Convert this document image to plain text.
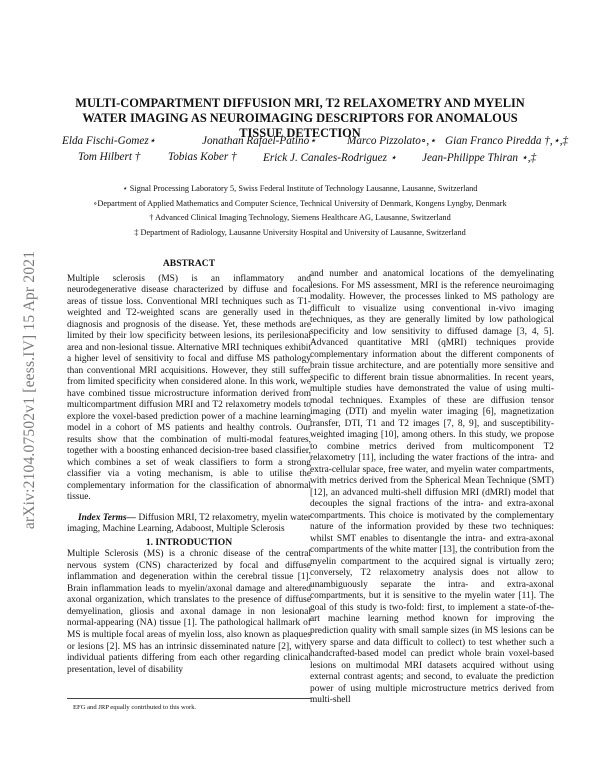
arXiv:2104.07502v1 [eess.IV] 15 Apr 2021
MULTI-COMPARTMENT DIFFUSION MRI, T2 RELAXOMETRY AND MYELIN WATER IMAGING AS NEUROIMAGING DESCRIPTORS FOR ANOMALOUS TISSUE DETECTION
Elda Fischi-Gomez⋆	Jonathan Rafael-Patino⋆	Marco Pizzolato∘,⋆ Gian Franco Piredda †,⋆,‡
Tom Hilbert † Tobias Kober † Erick J. Canales-Rodriguez ⋆ Jean-Philippe Thiran ⋆,‡
⋆ Signal Processing Laboratory 5, Swiss Federal Institute of Technology Lausanne, Lausanne, Switzerland
∘Department of Applied Mathematics and Computer Science, Technical University of Denmark, Kongens Lyngby, Denmark
† Advanced Clinical Imaging Technology, Siemens Healthcare AG, Lausanne, Switzerland
‡ Department of Radiology, Lausanne University Hospital and University of Lausanne, Switzerland
ABSTRACT

Multiple sclerosis (MS) is an inflammatory and neurodegenerative disease characterized by diffuse and focal areas of tissue loss. Conventional MRI techniques such as T1-weighted and T2-weighted scans are generally used in the diagnosis and prognosis of the disease. Yet, these methods are limited by their low specificity between lesions, its perilesional area and non-lesional tissue. Alternative MRI techniques exhibit a higher level of sensitivity to focal and diffuse MS pathology than conventional MRI acquisitions. However, they still suffer from limited specificity when considered alone. In this work, we have combined tissue microstructure information derived from multicompartment diffusion MRI and T2 relaxometry models to explore the voxel-based prediction power of a machine learning model in a cohort of MS patients and healthy controls. Our results show that the combination of multi-modal features, together with a boosting enhanced decision-tree based classifier, which combines a set of weak classifiers to form a strong classifier via a voting mechanism, is able to utilise the complementary information for the classification of abnormal tissue.

Index Terms— Diffusion MRI, T2 relaxometry, myelin water imaging, Machine Learning, Adaboost, Multiple Sclerosis

1. INTRODUCTION

Multiple Sclerosis (MS) is a chronic disease of the central nervous system (CNS) characterized by focal and diffuse inflammation and degeneration within the cerebral tissue [1]. Brain inflammation leads to myelin/axonal damage and altered axonal organization, which translates to the presence of diffuse demyelination, gliosis and axonal damage in non lesional normal-appearing (NA) tissue [1]. The pathological hallmark of MS is multiple focal areas of myelin loss, also known as plaques or lesions [2]. MS has an intrinsic disseminated nature [2], with individual patients differing from each other regarding clinical presentation, level of disability

and number and anatomical locations of the demyelinating lesions. For MS assessment, MRI is the reference neuroimaging modality. However, the processes linked to MS pathology are difficult to visualize using conventional in-vivo imaging techniques, as they are generally limited by low pathological specificity and low sensitivity to diffused damage [3, 4, 5]. Advanced quantitative MRI (qMRI) techniques provide complementary information about the different components of brain tissue architecture, and are potentially more sensitive and specific to different brain tissue abnormalities. In recent years, multiple studies have demonstrated the value of using multi-modal techniques. Examples of these are diffusion tensor imaging (DTI) and myelin water imaging [6], magnetization transfer, DTI, T1 and T2 images [7, 8, 9], and susceptibility-weighted imaging [10], among others. In this study, we propose to combine metrics derived from multicomponent T2 relaxometry [11], including the water fractions of the intra- and extra-cellular space, free water, and myelin water compartments, with metrics derived from the Spherical Mean Technique (SMT) [12], an advanced multi-shell diffusion MRI (dMRI) model that decouples the signal fractions of the intra- and extra-axonal compartments. This choice is motivated by the complementary nature of the information provided by these two techniques: whilst SMT enables to disentangle the intra- and extra-axonal compartments of the white matter [13], the contribution from the myelin compartment to the acquired signal is virtually zero; conversely, T2 relaxometry analysis does not allow to unambiguously separate the intra- and extra-axonal compartments, but it is sensitive to the myelin water [11]. The goal of this study is two-fold: first, to implement a state-of-the-art machine learning method known for improving the prediction quality with small sample sizes (in MS lesions can be very sparse and data difficult to collect) to test whether such a handcrafted-based model can predict whole brain voxel-based lesions on multimodal MRI datasets acquired without using external contrast agents; and second, to evaluate the prediction power of using multiple microstructure metrics derived from multi-shell

EFG and JRP equally contributed to this work.
